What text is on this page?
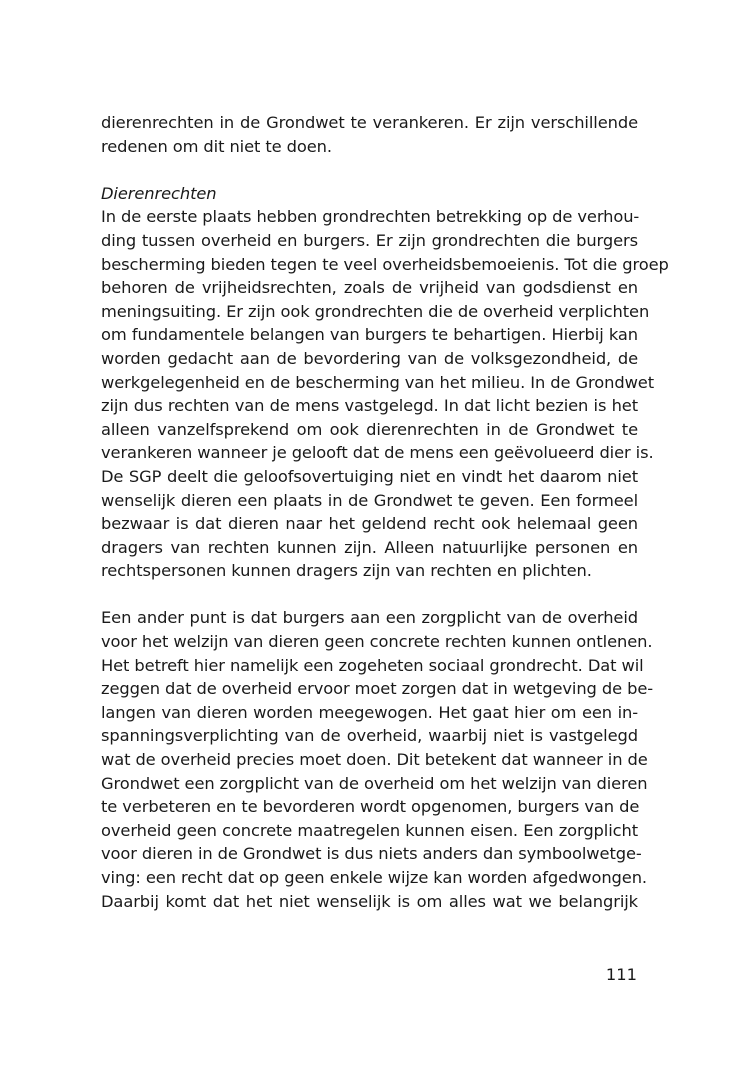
dierenrechten in de Grondwet te verankeren. Er zijn verschillende
redenen om dit niet te doen.
Dierenrechten
In de eerste plaats hebben grondrechten betrekking op de verhou-
ding tussen overheid en burgers. Er zijn grondrechten die burgers
bescherming bieden tegen te veel overheidsbemoeienis. Tot die groep
behoren de vrijheidsrechten, zoals de vrijheid van godsdienst en
meningsuiting. Er zijn ook grondrechten die de overheid verplichten
om fundamentele belangen van burgers te behartigen. Hierbij kan
worden gedacht aan de bevordering van de volksgezondheid, de
werkgelegenheid en de bescherming van het milieu. In de Grondwet
zijn dus rechten van de mens vastgelegd. In dat licht bezien is het
alleen vanzelfsprekend om ook dierenrechten in de Grondwet te
verankeren wanneer je gelooft dat de mens een geëvolueerd dier is.
De SGP deelt die geloofsovertuiging niet en vindt het daarom niet
wenselijk dieren een plaats in de Grondwet te geven. Een formeel
bezwaar is dat dieren naar het geldend recht ook helemaal geen
dragers van rechten kunnen zijn. Alleen natuurlijke personen en
rechtspersonen kunnen dragers zijn van rechten en plichten.
Een ander punt is dat burgers aan een zorgplicht van de overheid
voor het welzijn van dieren geen concrete rechten kunnen ontlenen.
Het betreft hier namelijk een zogeheten sociaal grondrecht. Dat wil
zeggen dat de overheid ervoor moet zorgen dat in wetgeving de be-
langen van dieren worden meegewogen. Het gaat hier om een in-
spanningsverplichting van de overheid, waarbij niet is vastgelegd
wat de overheid precies moet doen. Dit betekent dat wanneer in de
Grondwet een zorgplicht van de overheid om het welzijn van dieren
te verbeteren en te bevorderen wordt opgenomen, burgers van de
overheid geen concrete maatregelen kunnen eisen. Een zorgplicht
voor dieren in de Grondwet is dus niets anders dan symboolwetge-
ving: een recht dat op geen enkele wijze kan worden afgedwongen.
Daarbij komt dat het niet wenselijk is om alles wat we belangrijk
111
